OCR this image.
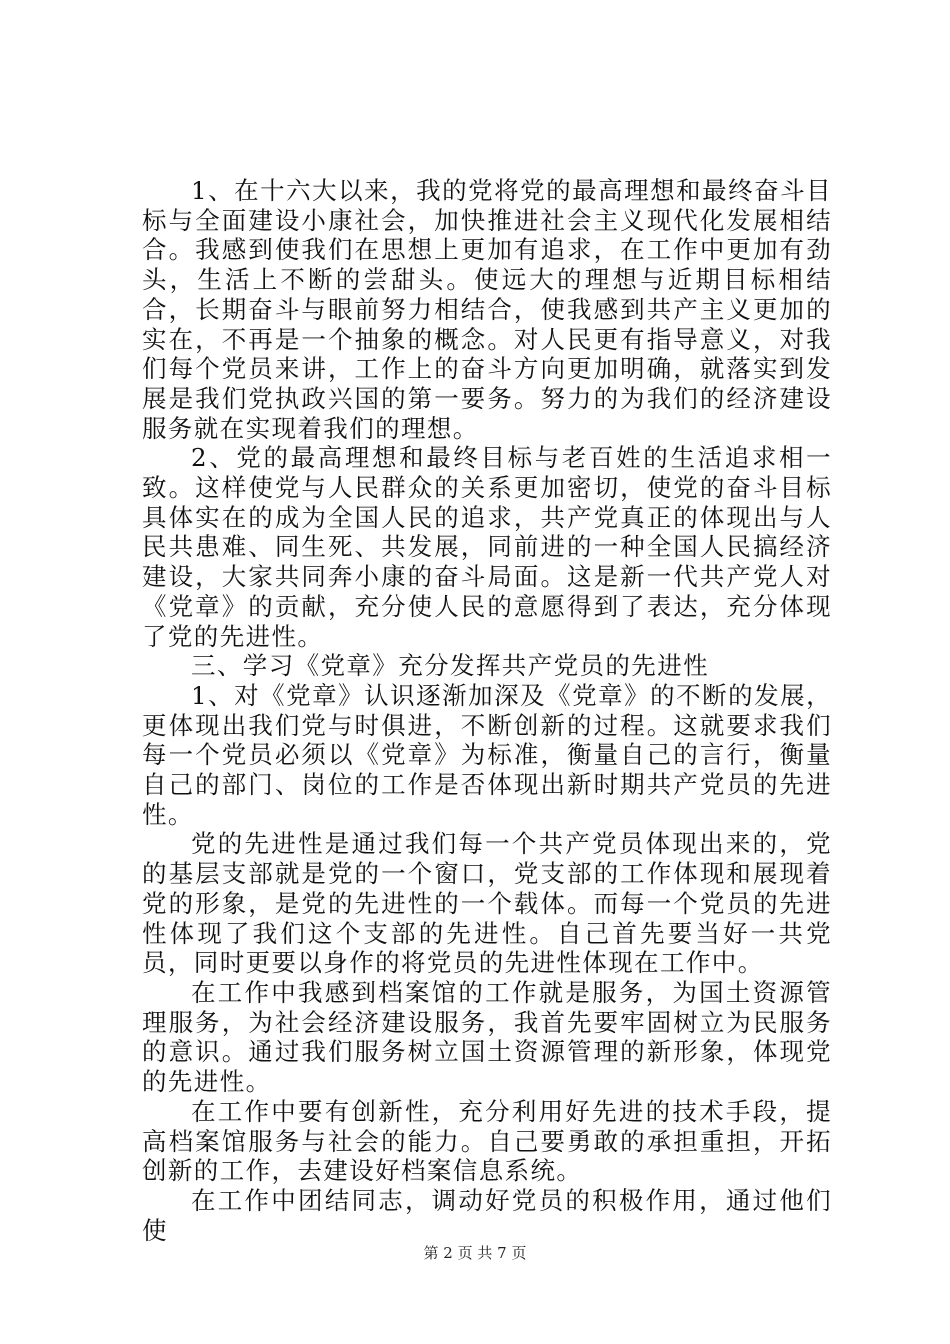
1、在十六大以来，我的党将党的最高理想和最终奋斗目标与全面建设小康社会，加快推进社会主义现代化发展相结合。我感到使我们在思想上更加有追求，在工作中更加有劲头，生活上不断的尝甜头。使远大的理想与近期目标相结合，长期奋斗与眼前努力相结合，使我感到共产主义更加的实在，不再是一个抽象的概念。对人民更有指导意义，对我们每个党员来讲，工作上的奋斗方向更加明确，就落实到发展是我们党执政兴国的第一要务。努力的为我们的经济建设服务就在实现着我们的理想。

2、党的最高理想和最终目标与老百姓的生活追求相一致。这样使党与人民群众的关系更加密切，使党的奋斗目标具体实在的成为全国人民的追求，共产党真正的体现出与人民共患难、同生死、共发展，同前进的一种全国人民搞经济建设，大家共同奔小康的奋斗局面。这是新一代共产党人对《党章》的贡献，充分使人民的意愿得到了表达，充分体现了党的先进性。

三、学习《党章》充分发挥共产党员的先进性

1、对《党章》认识逐渐加深及《党章》的不断的发展，更体现出我们党与时俱进，不断创新的过程。这就要求我们每一个党员必须以《党章》为标准，衡量自己的言行，衡量自己的部门、岗位的工作是否体现出新时期共产党员的先进性。

党的先进性是通过我们每一个共产党员体现出来的，党的基层支部就是党的一个窗口，党支部的工作体现和展现着党的形象，是党的先进性的一个载体。而每一个党员的先进性体现了我们这个支部的先进性。自己首先要当好一共党员，同时更要以身作的将党员的先进性体现在工作中。

在工作中我感到档案馆的工作就是服务，为国土资源管理服务，为社会经济建设服务，我首先要牢固树立为民服务的意识。通过我们服务树立国土资源管理的新形象，体现党的先进性。

在工作中要有创新性，充分利用好先进的技术手段，提高档案馆服务与社会的能力。自己要勇敢的承担重担，开拓创新的工作，去建设好档案信息系统。

在工作中团结同志，调动好党员的积极作用，通过他们使

第 2 页 共 7 页
